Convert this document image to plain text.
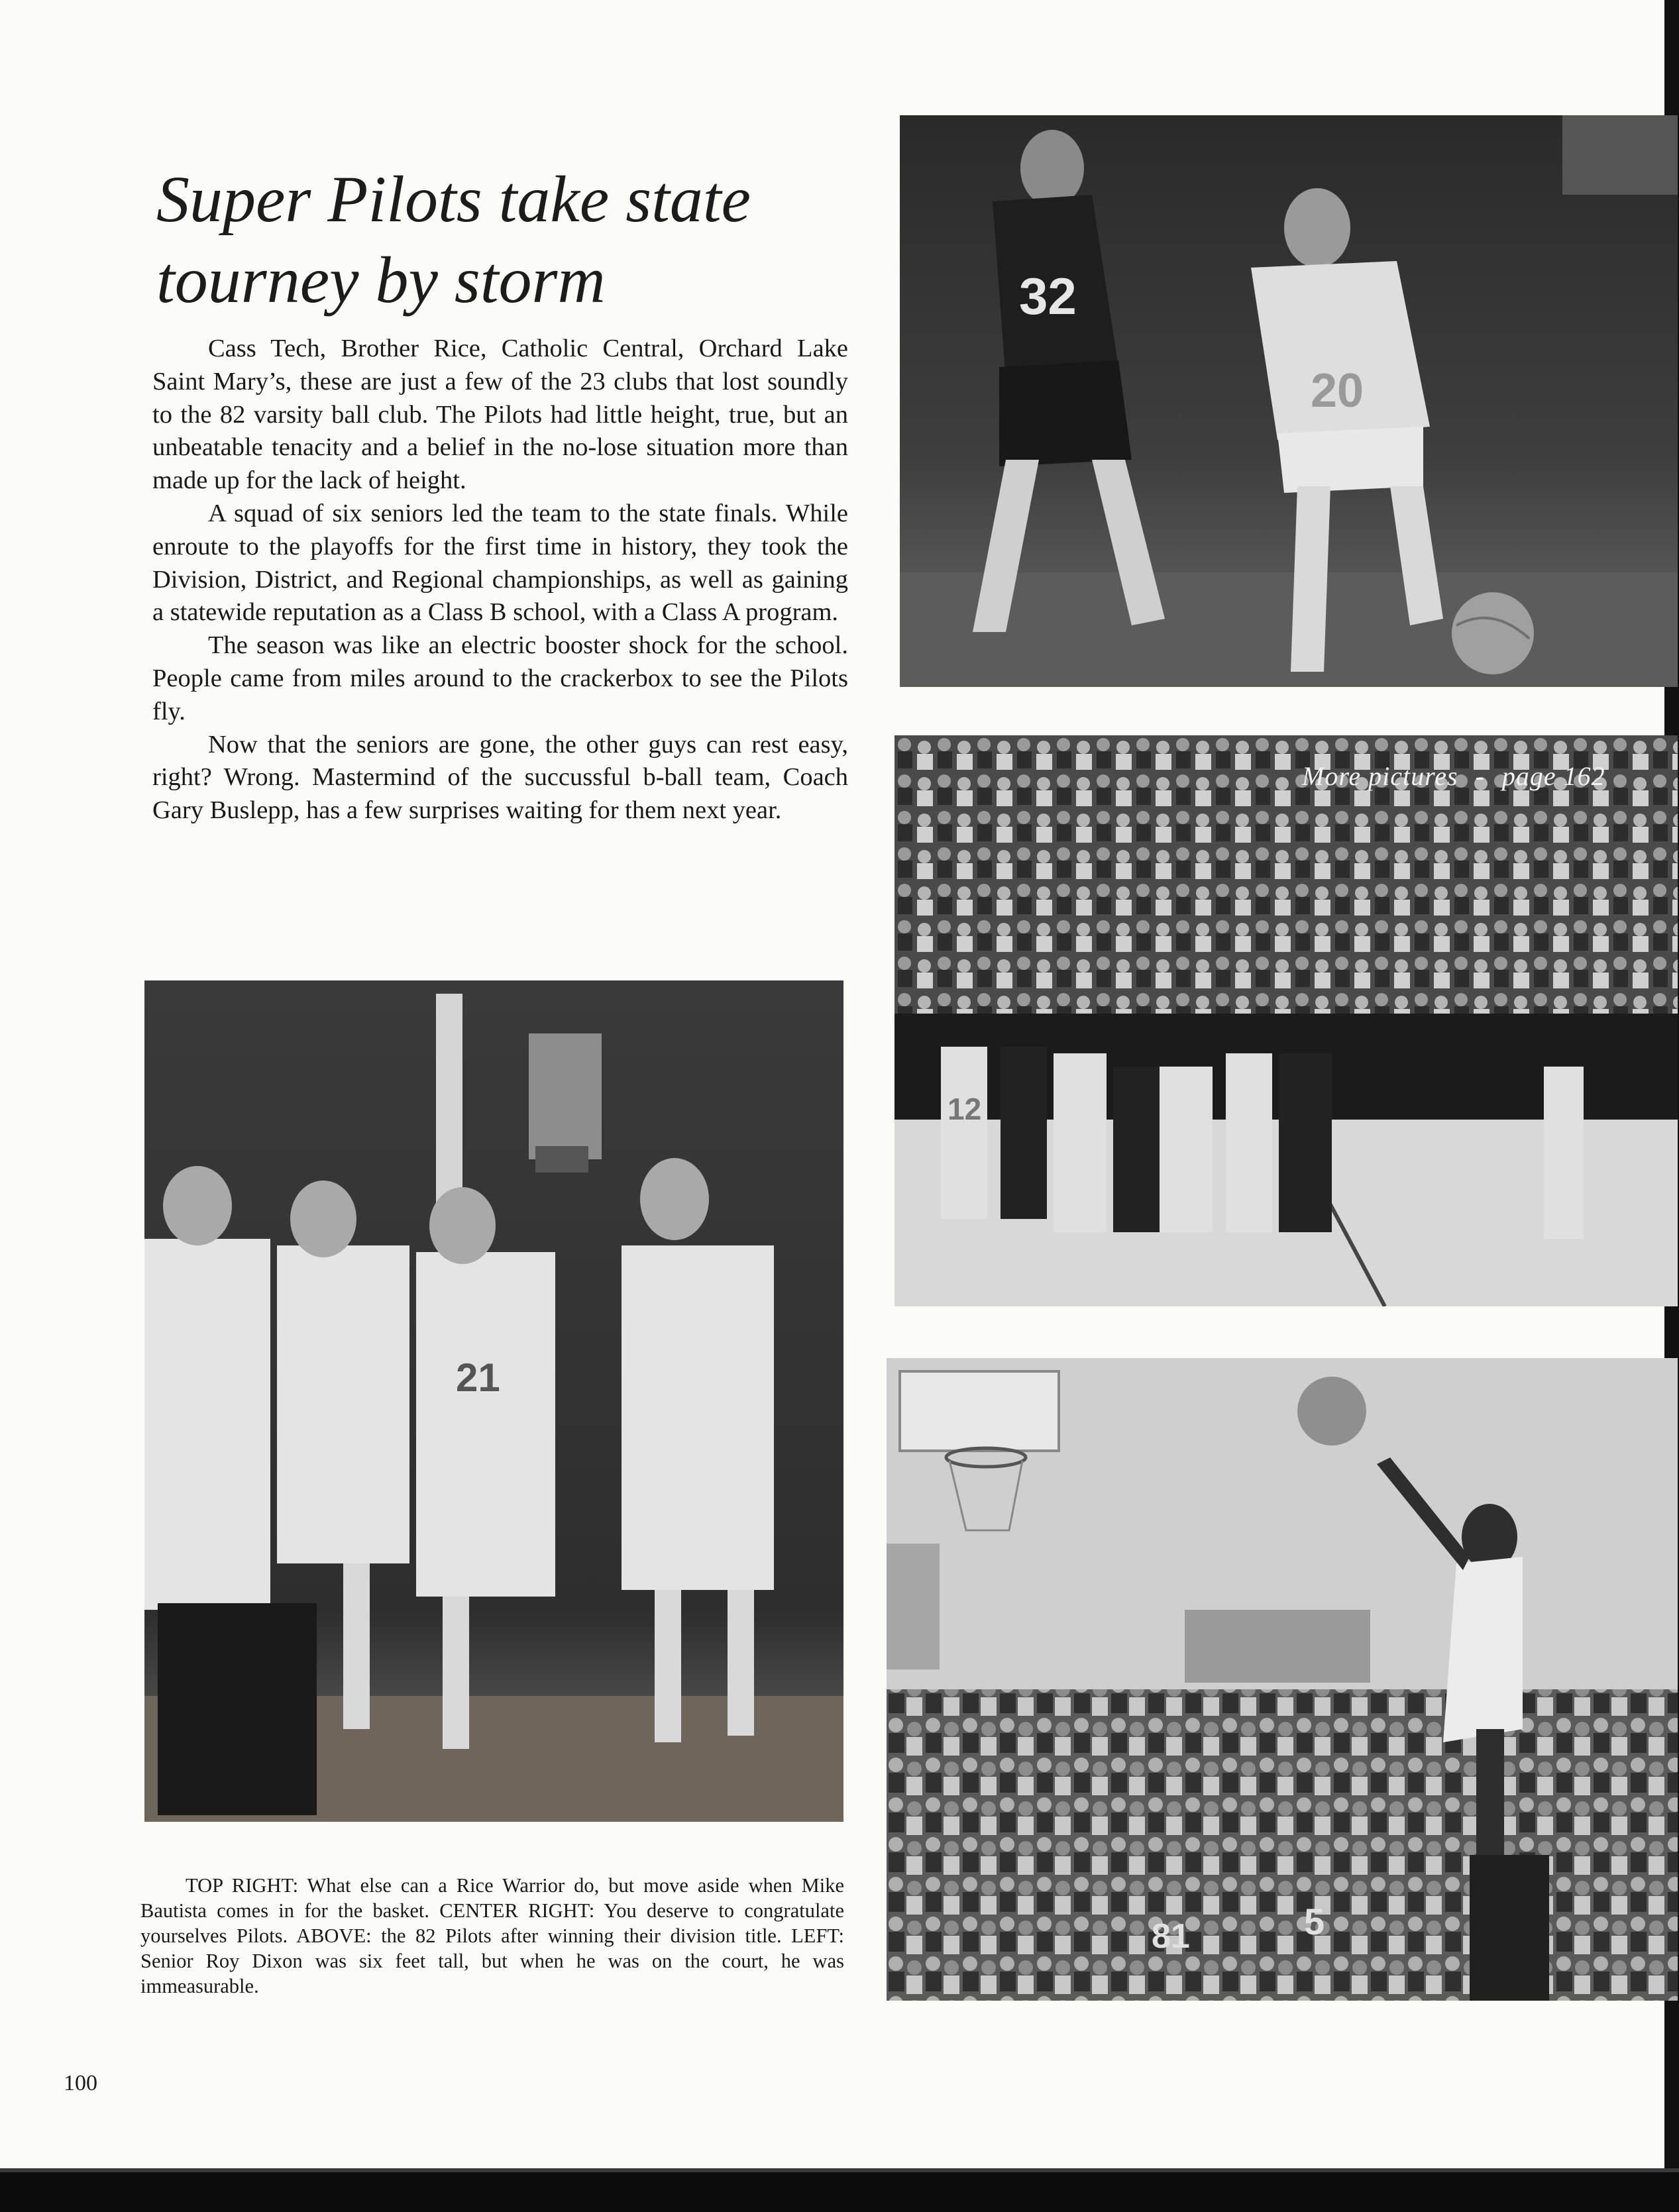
Super Pilots take state
tourney by storm

Cass Tech, Brother Rice, Catholic Central, Orchard Lake Saint Mary’s, these are just a few of the 23 clubs that lost soundly to the 82 varsity ball club. The Pilots had little height, true, but an unbeatable tenacity and a belief in the no-lose situation more than made up for the lack of height.

A squad of six seniors led the team to the state finals. While enroute to the playoffs for the first time in history, they took the Division, District, and Regional championships, as well as gaining a statewide reputation as a Class B school, with a Class A program.

The season was like an electric booster shock for the school. People came from miles around to the crackerbox to see the Pilots fly.

Now that the seniors are gone, the other guys can rest easy, right? Wrong. Mastermind of the succussful b-ball team, Coach Gary Buslepp, has a few surprises waiting for them next year.

32
20
12
More pictures - page 162
21
5
81

TOP RIGHT: What else can a Rice Warrior do, but move aside when Mike Bautista comes in for the basket. CENTER RIGHT: You deserve to congratulate yourselves Pilots. ABOVE: the 82 Pilots after winning their division title. LEFT: Senior Roy Dixon was six feet tall, but when he was on the court, he was immeasurable.

100
